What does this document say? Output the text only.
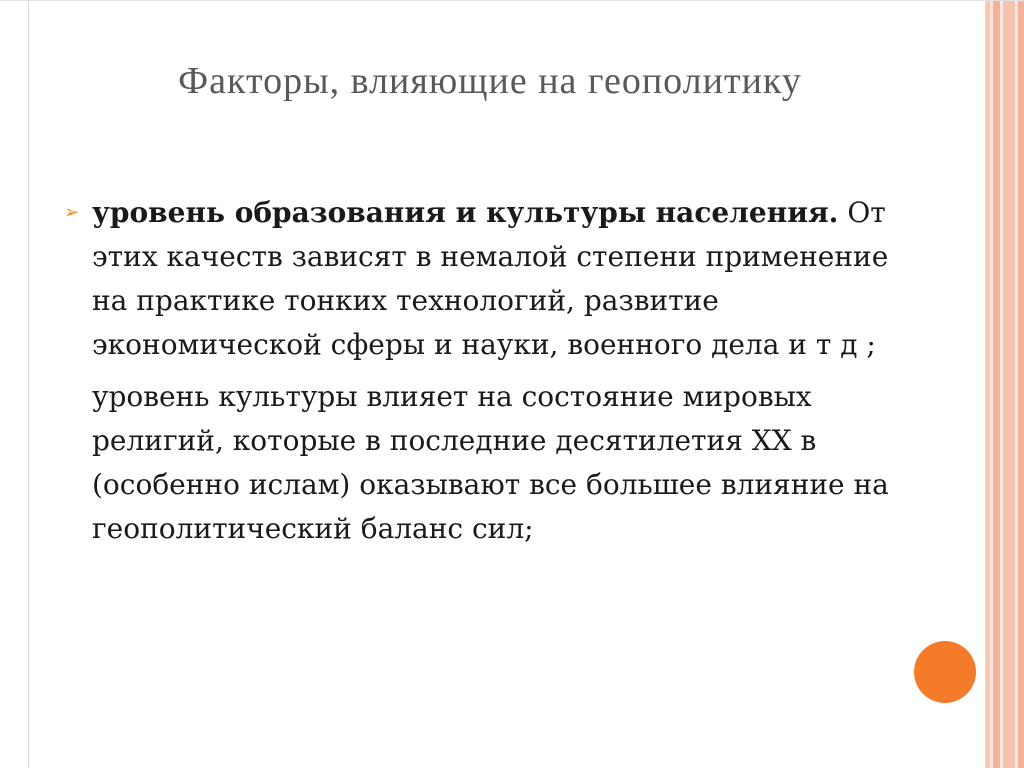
Факторы, влияющие на геополитику

➢ уровень образования и культуры населения. От этих качеств зависят в немалой степени применение на практике тонких технологий, развитие экономической сферы и науки, военного дела и т д ;

уровень культуры влияет на состояние мировых религий, которые в последние десятилетия XX в (особенно ислам) оказывают все большее влияние на геополитический баланс сил;
